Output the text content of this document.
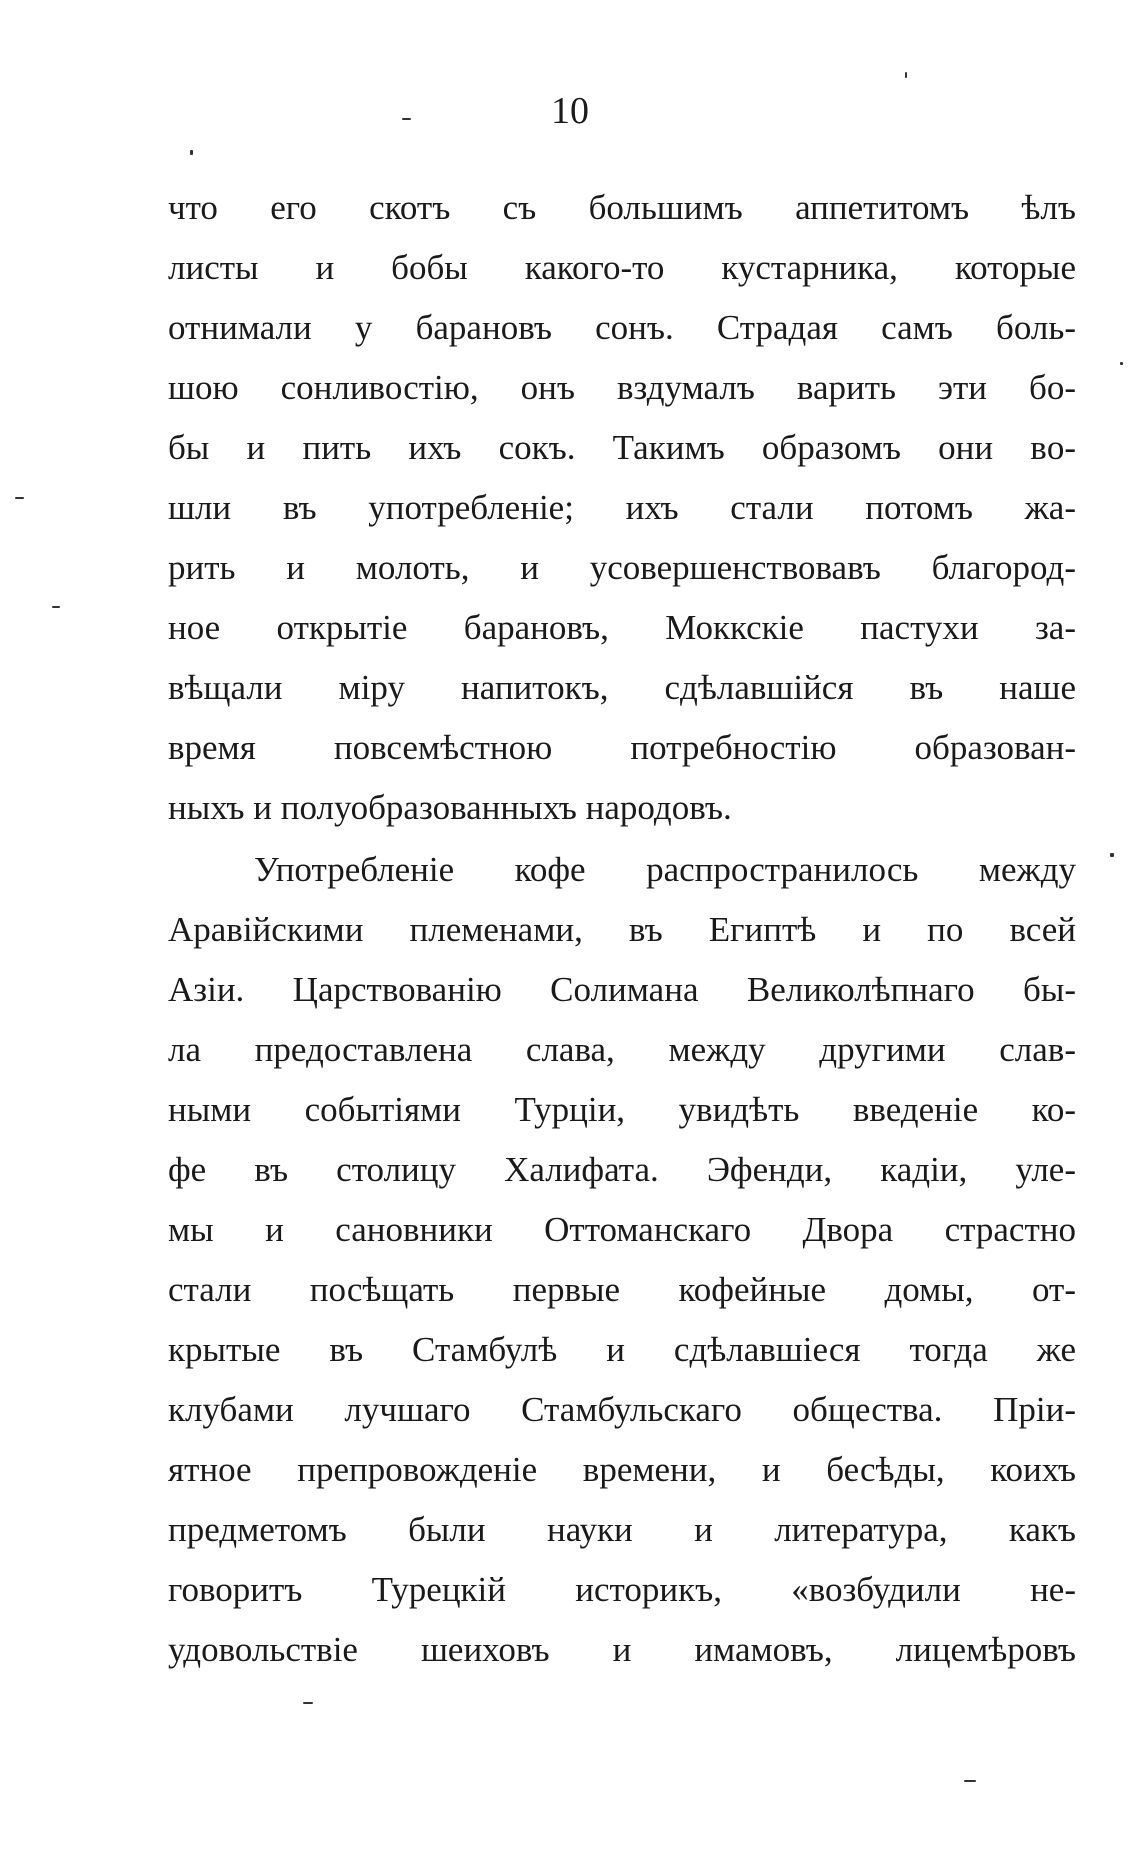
10
что его скотъ съ большимъ аппетитомъ ѣлъ
листы и бобы какого-то кустарника, которые
отнимали у барановъ сонъ. Страдая самъ боль-
шою сонливостію, онъ вздумалъ варить эти бо-
бы и пить ихъ сокъ. Такимъ образомъ они вo-
шли въ употребленіе; ихъ стали потомъ жа-
рить и молоть, и усовершенствовавъ благород-
ное открытіе барановъ, Моккскіе пастухи за-
вѣщали міру напитокъ, сдѣлавшійся въ наше
время повсемѣстною потребностію образован-
ныхъ и полуобразованныхъ народовъ.
Употребленіе кофе распространилось между
Аравійскими племенами, въ Египтѣ и по всей
Азіи. Царствованію Солимана Великолѣпнаго бы-
ла предоставлена слава, между другими слав-
ными событіями Турціи, увидѣть введеніе ко-
фе въ столицу Халифата. Эфенди, кадіи, уле-
мы и сановники Оттоманскаго Двора страстно
стали посѣщать первые кофейные домы, от-
крытые въ Стамбулѣ и сдѣлавшіеся тогда же
клубами лучшаго Стамбульскаго общества. Пріи-
ятное препровожденіе времени, и бесѣды, коихъ
предметомъ были науки и литература, какъ
говоритъ Турецкій историкъ, «возбудили не-
удовольствіе шеиховъ и имамовъ, лицемѣровъ
